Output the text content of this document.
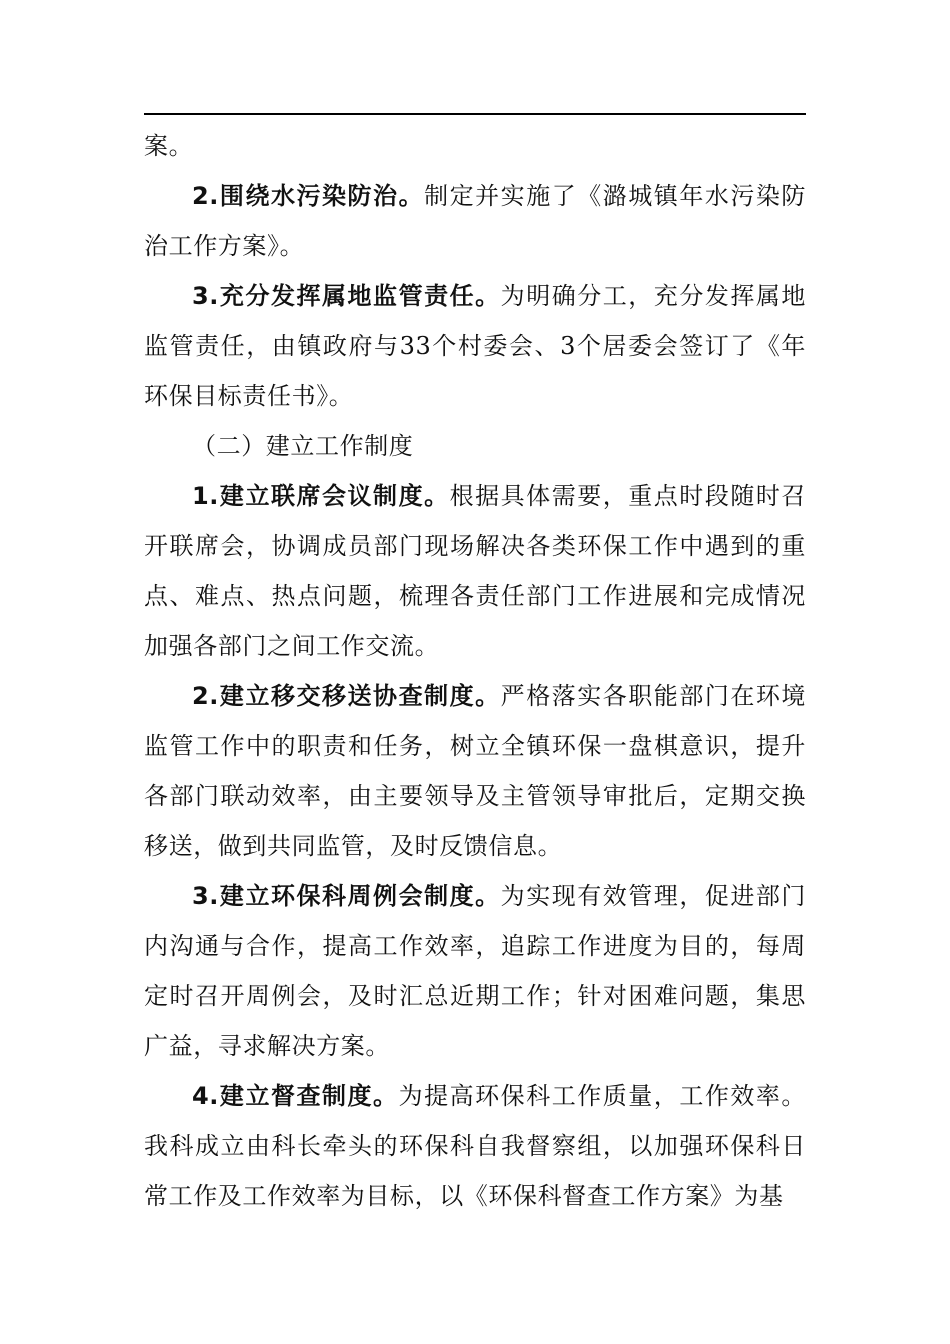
案。

2.围绕水污染防治。制定并实施了《潞城镇年水污染防治工作方案》。

3.充分发挥属地监管责任。为明确分工，充分发挥属地监管责任，由镇政府与33个村委会、3个居委会签订了《年环保目标责任书》。

（二）建立工作制度

1.建立联席会议制度。根据具体需要，重点时段随时召开联席会，协调成员部门现场解决各类环保工作中遇到的重点、难点、热点问题，梳理各责任部门工作进展和完成情况加强各部门之间工作交流。

2.建立移交移送协查制度。严格落实各职能部门在环境监管工作中的职责和任务，树立全镇环保一盘棋意识，提升各部门联动效率，由主要领导及主管领导审批后，定期交换移送，做到共同监管，及时反馈信息。

3.建立环保科周例会制度。为实现有效管理，促进部门内沟通与合作，提高工作效率，追踪工作进度为目的，每周定时召开周例会，及时汇总近期工作；针对困难问题，集思广益，寻求解决方案。

4.建立督查制度。为提高环保科工作质量，工作效率。我科成立由科长牵头的环保科自我督察组，以加强环保科日常工作及工作效率为目标，以《环保科督查工作方案》为基
